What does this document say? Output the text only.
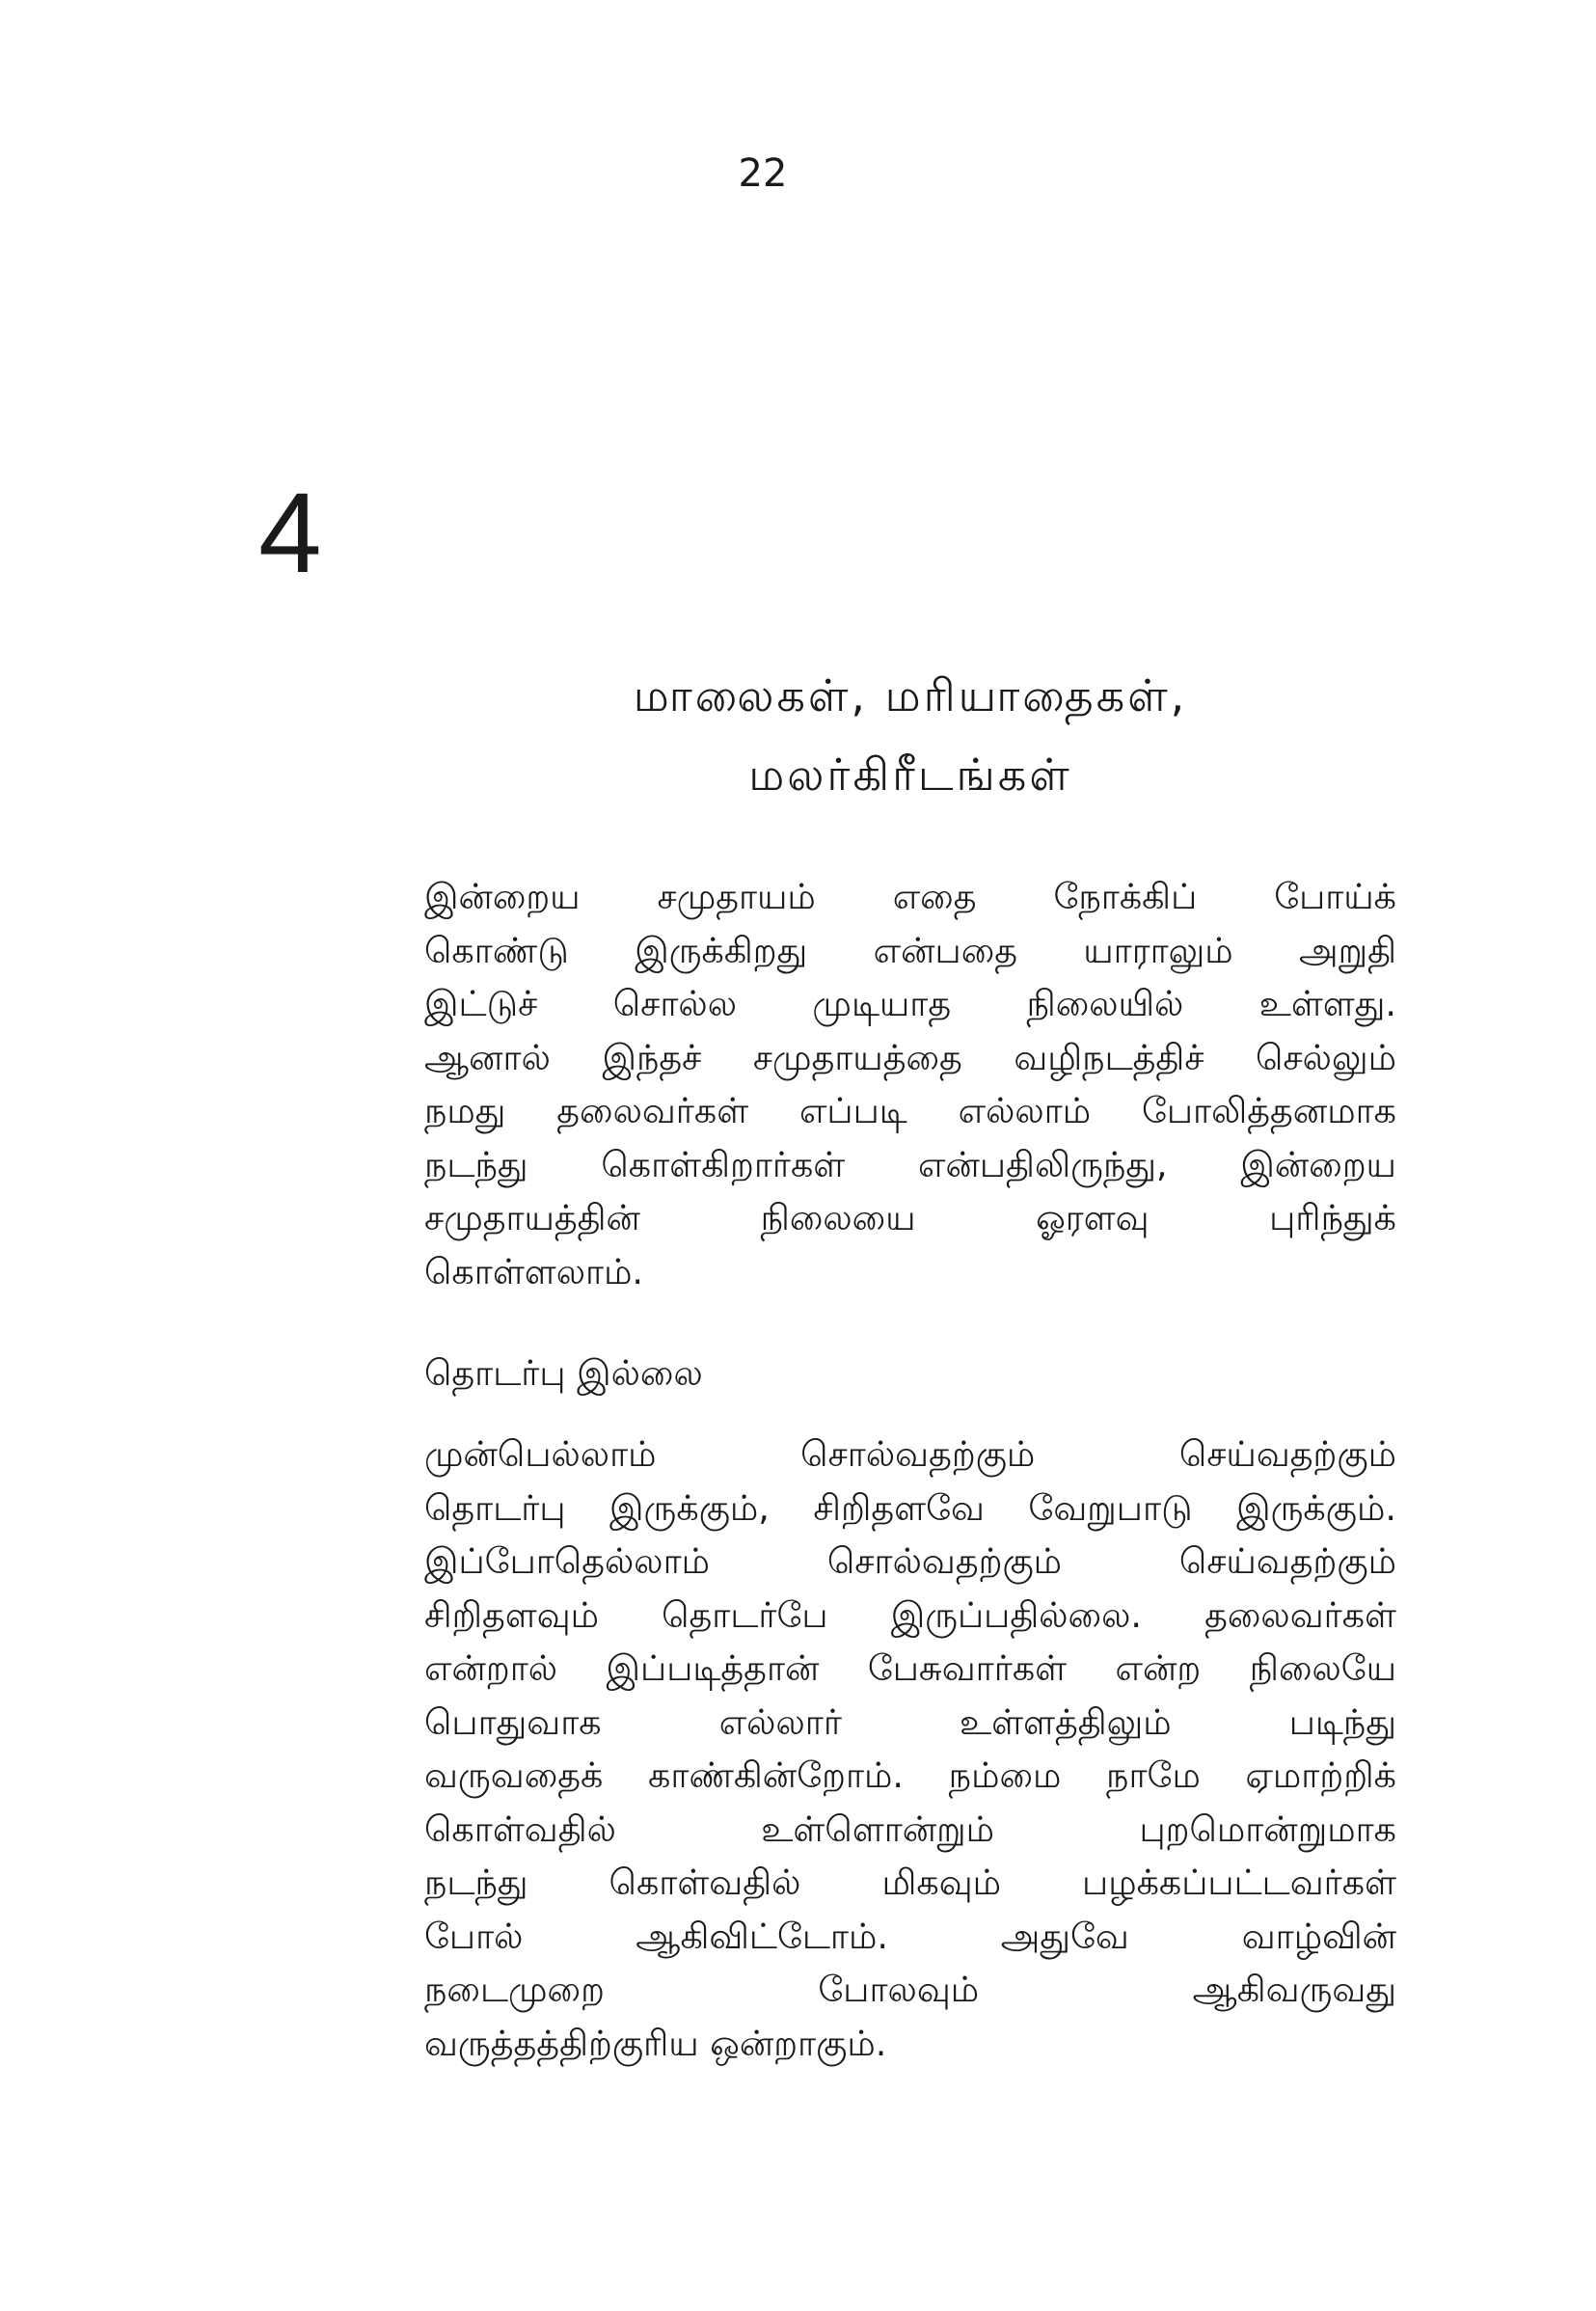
22
4
மாலைகள், மரியாதைகள்,
மலர்கிரீடங்கள்
இன்றைய சமுதாயம் எதை நோக்கிப் போய்க்
கொண்டு இருக்கிறது என்பதை யாராலும் அறுதி
இட்டுச் சொல்ல முடியாத நிலையில் உள்ளது.
ஆனால் இந்தச் சமுதாயத்தை வழிநடத்திச் செல்லும்
நமது தலைவர்கள் எப்படி எல்லாம் போலித்தனமாக
நடந்து கொள்கிறார்கள் என்பதிலிருந்து, இன்றைய
சமுதாயத்தின்	நிலையை	ஓரளவு	புரிந்துக்
கொள்ளலாம்.
தொடர்பு இல்லை
முன்பெல்லாம்	சொல்வதற்கும்	செய்வதற்கும்
தொடர்பு இருக்கும், சிறிதளவே வேறுபாடு இருக்கும்.
இப்போதெல்லாம்	சொல்வதற்கும்	செய்வதற்கும்
சிறிதளவும் தொடர்பே இருப்பதில்லை. தலைவர்கள்
என்றால் இப்படித்தான் பேசுவார்கள் என்ற நிலையே
பொதுவாக	எல்லார்	உள்ளத்திலும்	படிந்து
வருவதைக் காண்கின்றோம். நம்மை நாமே ஏமாற்றிக்
கொள்வதில்	உள்ளொன்றும்	புறமொன்றுமாக
நடந்து கொள்வதில் மிகவும் பழக்கப்பட்டவர்கள்
போல்	ஆகிவிட்டோம்.	அதுவே	வாழ்வின்
நடைமுறை	போலவும்	ஆகிவருவது
வருத்தத்திற்குரிய ஒன்றாகும்.
